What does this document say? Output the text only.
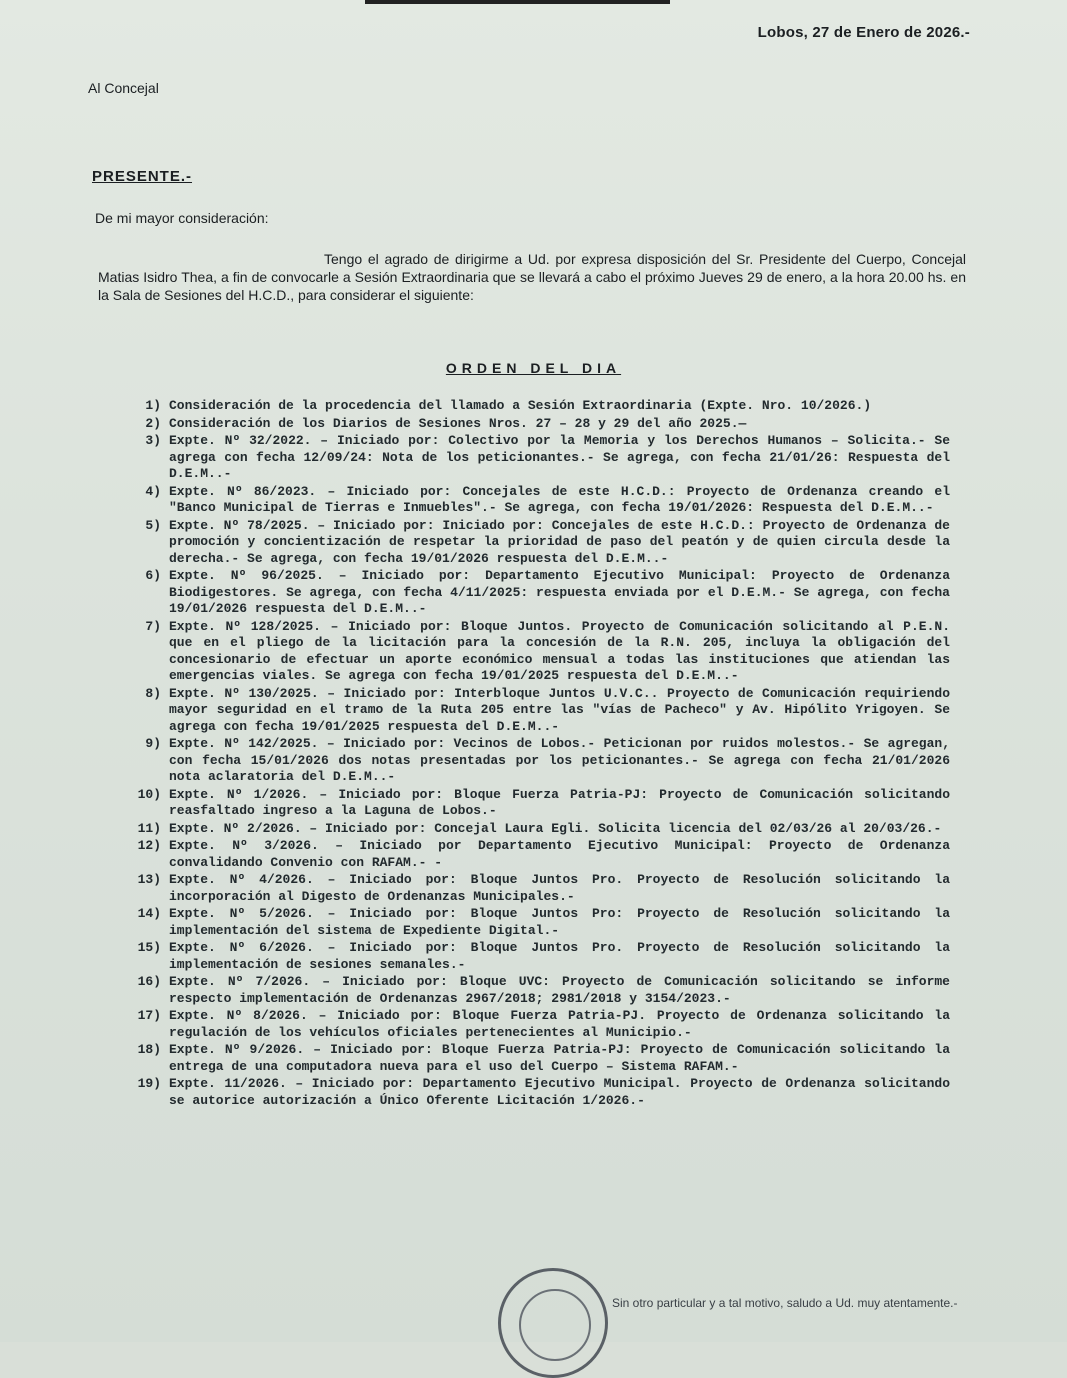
Lobos, 27 de Enero de 2026.-
Al Concejal
PRESENTE.-
De mi mayor consideración:
Tengo el agrado de dirigirme a Ud. por expresa disposición del Sr. Presidente del Cuerpo, Concejal Matias Isidro Thea, a fin de convocarle a Sesión Extraordinaria que se llevará a cabo el próximo Jueves 29 de enero, a la hora 20.00 hs. en la Sala de Sesiones del H.C.D., para considerar el siguiente:
ORDEN DEL DIA
1) Consideración de la procedencia del llamado a Sesión Extraordinaria (Expte. Nro. 10/2026.)
2) Consideración de los Diarios de Sesiones Nros. 27 – 28 y 29 del año 2025.—
3) Expte. Nº 32/2022. – Iniciado por: Colectivo por la Memoria y los Derechos Humanos – Solicita.- Se agrega con fecha 12/09/24: Nota de los peticionantes.- Se agrega, con fecha 21/01/26: Respuesta del D.E.M..-
4) Expte. Nº 86/2023. – Iniciado por: Concejales de este H.C.D.: Proyecto de Ordenanza creando el "Banco Municipal de Tierras e Inmuebles".- Se agrega, con fecha 19/01/2026: Respuesta del D.E.M..-
5) Expte. Nº 78/2025. – Iniciado por: Iniciado por: Concejales de este H.C.D.: Proyecto de Ordenanza de promoción y concientización de respetar la prioridad de paso del peatón y de quien circula desde la derecha.- Se agrega, con fecha 19/01/2026 respuesta del D.E.M..-
6) Expte. Nº 96/2025. – Iniciado por: Departamento Ejecutivo Municipal: Proyecto de Ordenanza Biodigestores. Se agrega, con fecha 4/11/2025: respuesta enviada por el D.E.M.- Se agrega, con fecha 19/01/2026 respuesta del D.E.M..-
7) Expte. Nº 128/2025. – Iniciado por: Bloque Juntos. Proyecto de Comunicación solicitando al P.E.N. que en el pliego de la licitación para la concesión de la R.N. 205, incluya la obligación del concesionario de efectuar un aporte económico mensual a todas las instituciones que atiendan las emergencias viales. Se agrega con fecha 19/01/2025 respuesta del D.E.M..-
8) Expte. Nº 130/2025. – Iniciado por: Interbloque Juntos U.V.C.. Proyecto de Comunicación requiriendo mayor seguridad en el tramo de la Ruta 205 entre las "vías de Pacheco" y Av. Hipólito Yrigoyen. Se agrega con fecha 19/01/2025 respuesta del D.E.M..-
9) Expte. Nº 142/2025. – Iniciado por: Vecinos de Lobos.- Peticionan por ruidos molestos.- Se agregan, con fecha 15/01/2026 dos notas presentadas por los peticionantes.- Se agrega con fecha 21/01/2026 nota aclaratoria del D.E.M..-
10) Expte. Nº 1/2026. – Iniciado por: Bloque Fuerza Patria-PJ: Proyecto de Comunicación solicitando reasfaltado ingreso a la Laguna de Lobos.-
11) Expte. Nº 2/2026. – Iniciado por: Concejal Laura Egli. Solicita licencia del 02/03/26 al 20/03/26.-
12) Expte. Nº 3/2026. – Iniciado por Departamento Ejecutivo Municipal: Proyecto de Ordenanza convalidando Convenio con RAFAM.- -
13) Expte. Nº 4/2026. – Iniciado por: Bloque Juntos Pro. Proyecto de Resolución solicitando la incorporación al Digesto de Ordenanzas Municipales.-
14) Expte. Nº 5/2026. – Iniciado por: Bloque Juntos Pro: Proyecto de Resolución solicitando la implementación del sistema de Expediente Digital.-
15) Expte. Nº 6/2026. – Iniciado por: Bloque Juntos Pro. Proyecto de Resolución solicitando la implementación de sesiones semanales.-
16) Expte. Nº 7/2026. – Iniciado por: Bloque UVC: Proyecto de Comunicación solicitando se informe respecto implementación de Ordenanzas 2967/2018; 2981/2018 y 3154/2023.-
17) Expte. Nº 8/2026. – Iniciado por: Bloque Fuerza Patria-PJ. Proyecto de Ordenanza solicitando la regulación de los vehículos oficiales pertenecientes al Municipio.-
18) Expte. Nº 9/2026. – Iniciado por: Bloque Fuerza Patria-PJ: Proyecto de Comunicación solicitando la entrega de una computadora nueva para el uso del Cuerpo – Sistema RAFAM.-
19) Expte. 11/2026. – Iniciado por: Departamento Ejecutivo Municipal. Proyecto de Ordenanza solicitando se autorice autorización a Único Oferente Licitación 1/2026.-
Sin otro particular y a tal motivo, saludo a Ud. muy atentamente.-
